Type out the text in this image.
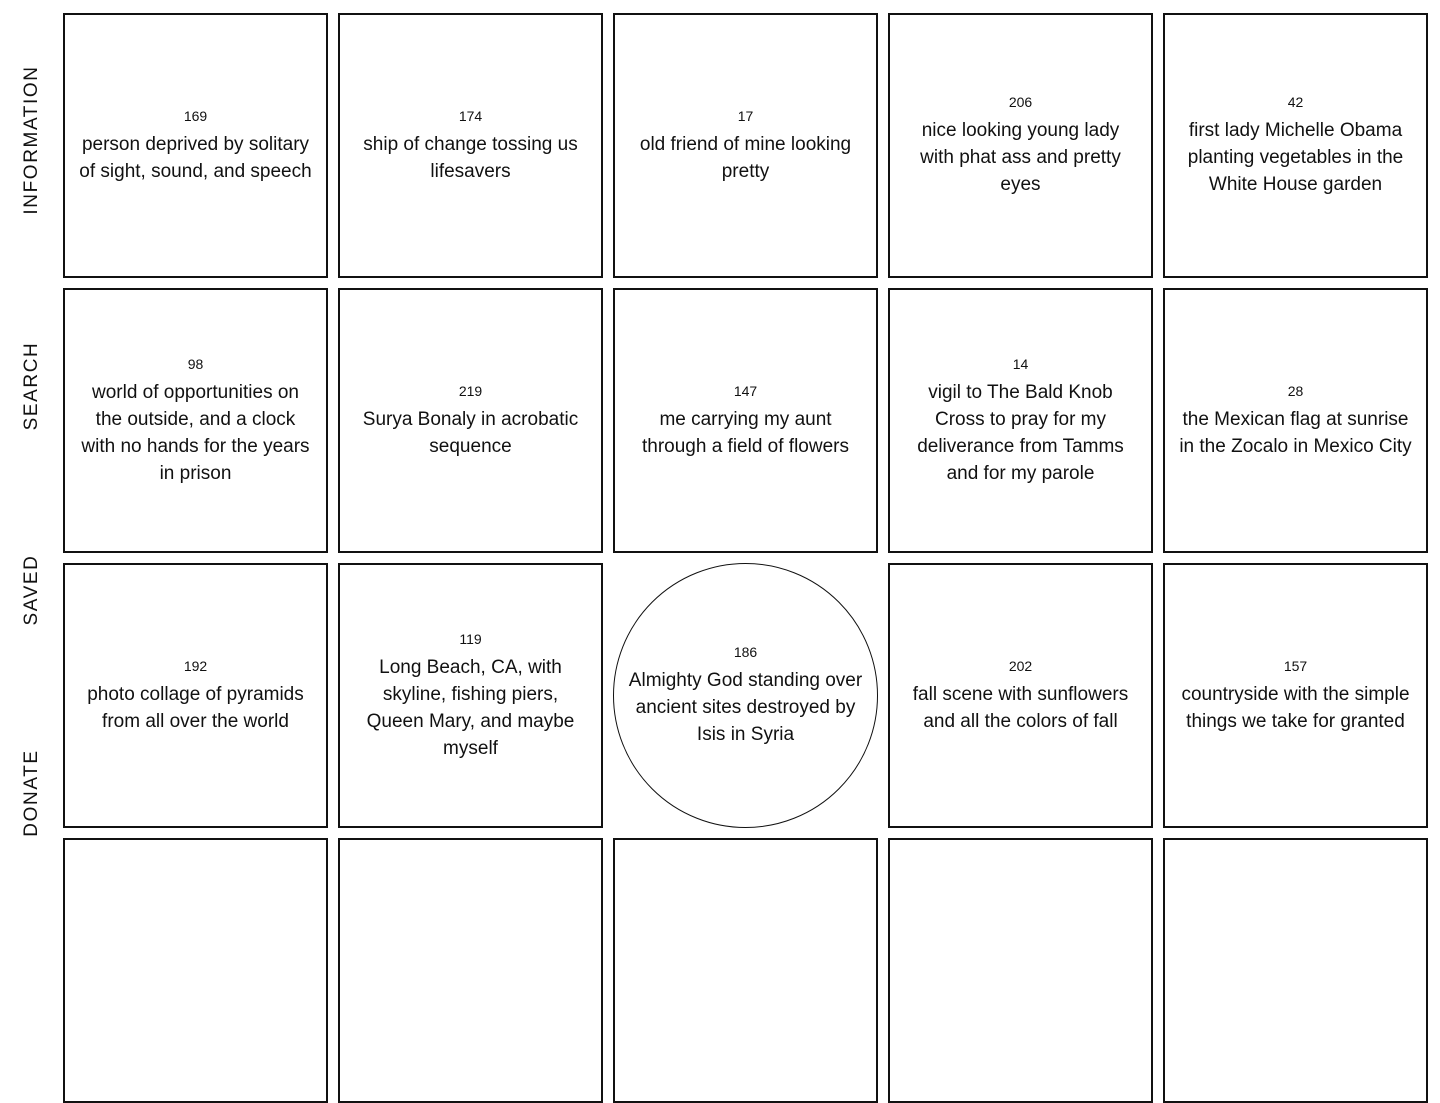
INFORMATION
SEARCH
SAVED
DONATE
169
person deprived by solitary of sight, sound, and speech
174
ship of change tossing us lifesavers
17
old friend of mine looking pretty
206
nice looking young lady with phat ass and pretty eyes
42
first lady Michelle Obama planting vegetables in the White House garden
98
world of opportunities on the outside, and a clock with no hands for the years in prison
219
Surya Bonaly in acrobatic sequence
147
me carrying my aunt through a field of flowers
14
vigil to The Bald Knob Cross to pray for my deliverance from Tamms and for my parole
28
the Mexican flag at sunrise in the Zocalo in Mexico City
192
photo collage of pyramids from all over the world
119
Long Beach, CA, with skyline, fishing piers, Queen Mary, and maybe myself
186
Almighty God standing over ancient sites destroyed by Isis in Syria
202
fall scene with sunflowers and all the colors of fall
157
countryside with the simple things we take for granted
